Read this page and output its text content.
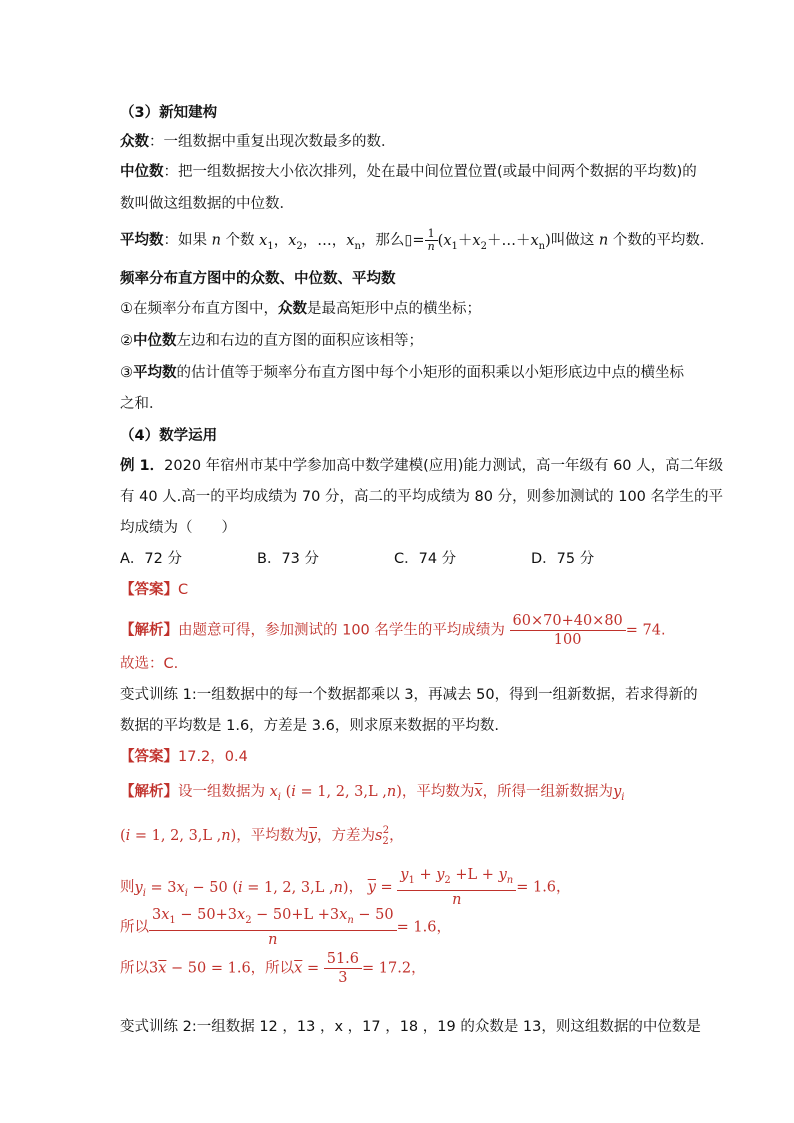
（3）新知建构
众数：一组数据中重复出现次数最多的数．
中位数：把一组数据按大小依次排列，处在最中间位置位置(或最中间两个数据的平均数)的
数叫做这组数据的中位数．
平均数：如果 n 个数 $x_1$，$x_2$，…，$x_n$，那么▯= $\frac{1}{n}$ $(x_1+x_2+\dots+x_n)$叫做这 n 个数的平均数．
频率分布直方图中的众数、中位数、平均数
①在频率分布直方图中，众数是最高矩形中点的横坐标；
②中位数左边和右边的直方图的面积应该相等；
③平均数的估计值等于频率分布直方图中每个小矩形的面积乘以小矩形底边中点的横坐标
之和．
（4）数学运用
例 1．2020 年宿州市某中学参加高中数学建模(应用)能力测试，高一年级有 60 人，高二年级
有 40 人.高一的平均成绩为 70 分，高二的平均成绩为 80 分，则参加测试的 100 名学生的平
均成绩为（　　）
A．72 分	B．73 分	C．74 分	D．75 分
【答案】C
【解析】由题意可得，参加测试的 100 名学生的平均成绩为 $\frac{60\times 70+40\times 80}{100} = 74$.
故选：C.
变式训练 1:一组数据中的每一个数据都乘以 3，再减去 50，得到一组新数据，若求得新的
数据的平均数是 1.6，方差是 3.6，则求原来数据的平均数.
【答案】17.2，0.4
【解析】设一组数据为 $x_i$ (i = 1, 2, 3,L ,n)，平均数为$\overline{x}$，所得一组新数据为$y_i$
(i = 1, 2, 3,L ,n)，平均数为$\overline{y}$，方差为$s_2^2$，
则$y_i = 3x_i - 50$ (i = 1, 2, 3,L ,n)， $\overline{y} = \frac{y_1 + y_2 +L + y_n}{n} = 1.6$，
所以 $\frac{3x_1 - 50+3x_2 - 50+L +3x_n - 50}{n} = 1.6$，
所以$3\overline{x} - 50 = 1.6$，所以$\overline{x} = \frac{51.6}{3} = 17.2$，
变式训练 2:一组数据 12 ，13 ，x ，17 ，18 ，19 的众数是 13，则这组数据的中位数是
